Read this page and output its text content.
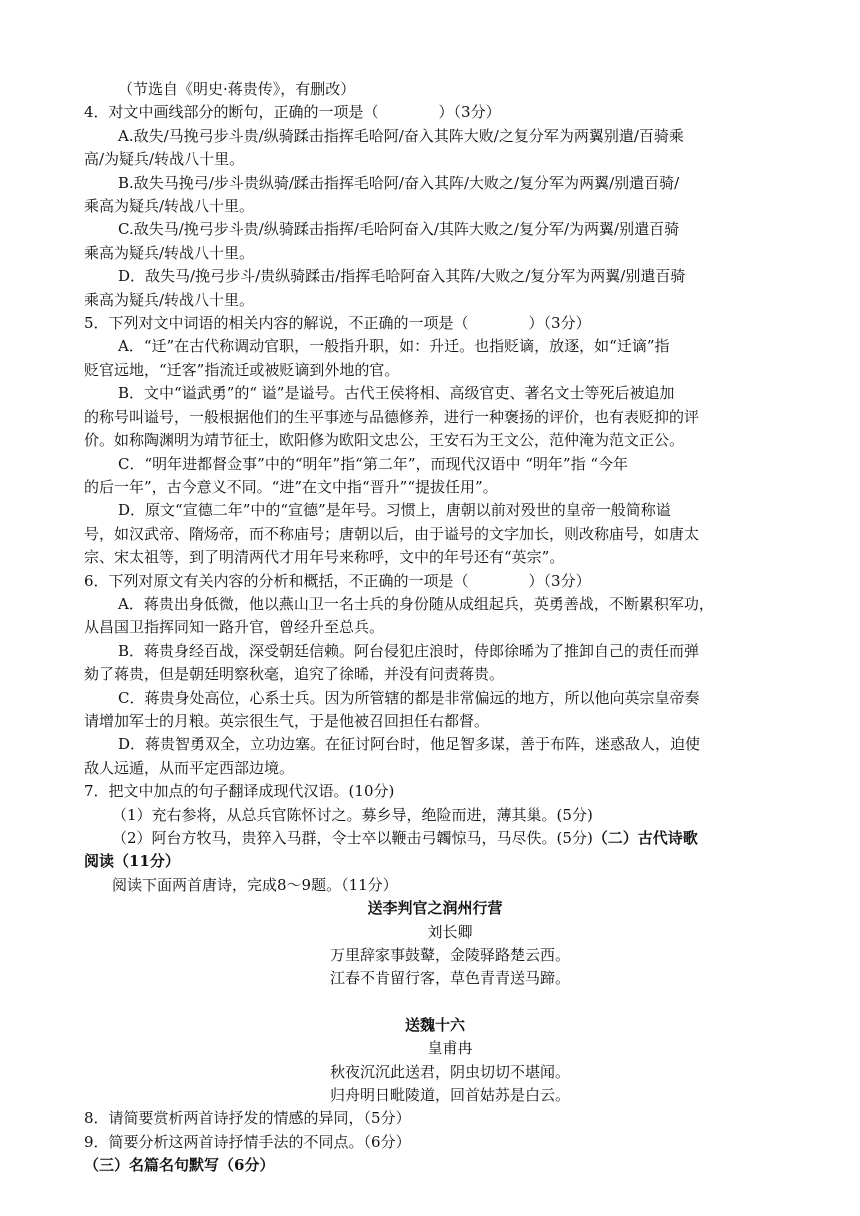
（节选自《明史·蒋贵传》，有删改）
4．对文中画线部分的断句，正确的一项是（　　　　）（3分）
A.敌失/马挽弓步斗贵/纵骑蹂击指挥毛哈阿/奋入其阵大败/之复分军为两翼别遣/百骑乘
高/为疑兵/转战八十里。
B.敌失马挽弓/步斗贵纵骑/蹂击指挥毛哈阿/奋入其阵/大败之/复分军为两翼/别遣百骑/
乘高为疑兵/转战八十里。
C.敌失马/挽弓步斗贵/纵骑蹂击指挥/毛哈阿奋入/其阵大败之/复分军/为两翼/别遣百骑
乘高为疑兵/转战八十里。
D．敌失马/挽弓步斗/贵纵骑蹂击/指挥毛哈阿奋入其阵/大败之/复分军为两翼/别遣百骑
乘高为疑兵/转战八十里。
5．下列对文中词语的相关内容的解说，不正确的一项是（　　　　）（3分）
A．“迁”在古代称调动官职，一般指升职，如：升迁。也指贬谪，放逐，如“迁谪”指
贬官远地，“迁客”指流迁或被贬谪到外地的官。
B．文中“谥武勇”的“ 谥”是谥号。古代王侯将相、高级官吏、著名文士等死后被追加
的称号叫谥号，一般根据他们的生平事迹与品德修养，进行一种褒扬的评价，也有表贬抑的评
价。如称陶渊明为靖节征士，欧阳修为欧阳文忠公，王安石为王文公，范仲淹为范文正公。
C．“明年进都督佥事”中的“明年”指“第二年”，而现代汉语中 “明年”指 “今年
的后一年”，古今意义不同。“进”在文中指“晋升”“提拔任用”。
D．原文“宣德二年”中的“宣德”是年号。习惯上，唐朝以前对殁世的皇帝一般简称谥
号，如汉武帝、隋炀帝，而不称庙号；唐朝以后，由于谥号的文字加长，则改称庙号，如唐太
宗、宋太祖等，到了明清两代才用年号来称呼，文中的年号还有“英宗”。
6．下列对原文有关内容的分析和概括，不正确的一项是（　　　　）（3分）
A．蒋贵出身低微，他以燕山卫一名士兵的身份随从成组起兵，英勇善战，不断累积军功，
从昌国卫指挥同知一路升官，曾经升至总兵。
B．蒋贵身经百战，深受朝廷信赖。阿台侵犯庄浪时，侍郎徐晞为了推卸自己的责任而弹
劾了蒋贵，但是朝廷明察秋毫，追究了徐晞，并没有问责蒋贵。
C．蒋贵身处高位，心系士兵。因为所管辖的都是非常偏远的地方，所以他向英宗皇帝奏
请增加军士的月粮。英宗很生气，于是他被召回担任右都督。
D．蒋贵智勇双全，立功边塞。在征讨阿台时，他足智多谋，善于布阵，迷惑敌人，迫使
敌人远遁，从而平定西部边境。
7．把文中加点的句子翻译成现代汉语。(10分)
（1）充右参将，从总兵官陈怀讨之。募乡导，绝险而进，薄其巢。(5分)
（2）阿台方牧马，贵猝入马群，令士卒以鞭击弓韣惊马，马尽佚。(5分)（二）古代诗歌
阅读（11分）
阅读下面两首唐诗，完成8～9题。（11分）
送李判官之润州行营
刘长卿
万里辞家事鼓鼙，金陵驿路楚云西。
江春不肯留行客，草色青青送马蹄。
送魏十六
皇甫冉
秋夜沉沉此送君，阴虫切切不堪闻。
归舟明日毗陵道，回首姑苏是白云。
8．请简要赏析两首诗抒发的情感的异同，（5分）
9．简要分析这两首诗抒情手法的不同点。（6分）
（三）名篇名句默写（6分）
